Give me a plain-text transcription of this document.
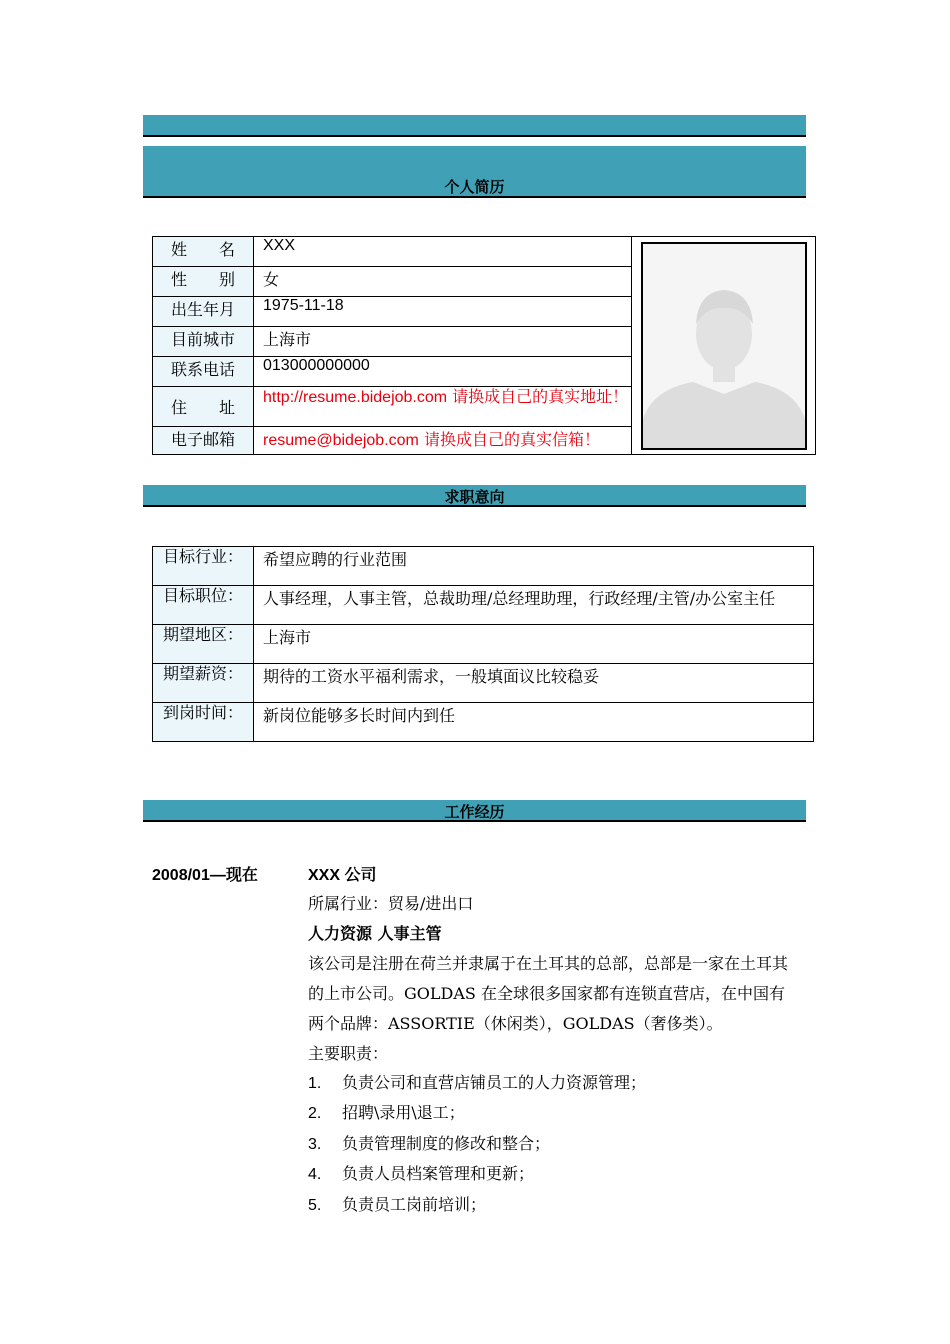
个人简历
姓　　名	XXX	

性　　别	女	
出生年月	1975-11-18	
目前城市	上海市	
联系电话	013000000000	
住　　址	http://resume.bidejob.com 请换成自己的真实地址！	
电子邮箱	resume@bidejob.com 请换成自己的真实信箱！	
求职意向
目标行业：	希望应聘的行业范围
目标职位：	人事经理，人事主管，总裁助理/总经理助理，行政经理/主管/办公室主任
期望地区：	上海市
期望薪资：	期待的工资水平福利需求，一般填面议比较稳妥
到岗时间：	新岗位能够多长时间内到任
工作经历
2008/01—现在	XXX 公司
所属行业：贸易/进出口
人力资源 人事主管
该公司是注册在荷兰并隶属于在土耳其的总部，总部是一家在土耳其
的上市公司。GOLDAS 在全球很多国家都有连锁直营店，在中国有
两个品牌：ASSORTIE（休闲类），GOLDAS（奢侈类）。
主要职责：
1. 负责公司和直营店铺员工的人力资源管理；
2. 招聘\录用\退工；
3. 负责管理制度的修改和整合；
4. 负责人员档案管理和更新；
5. 负责员工岗前培训；
